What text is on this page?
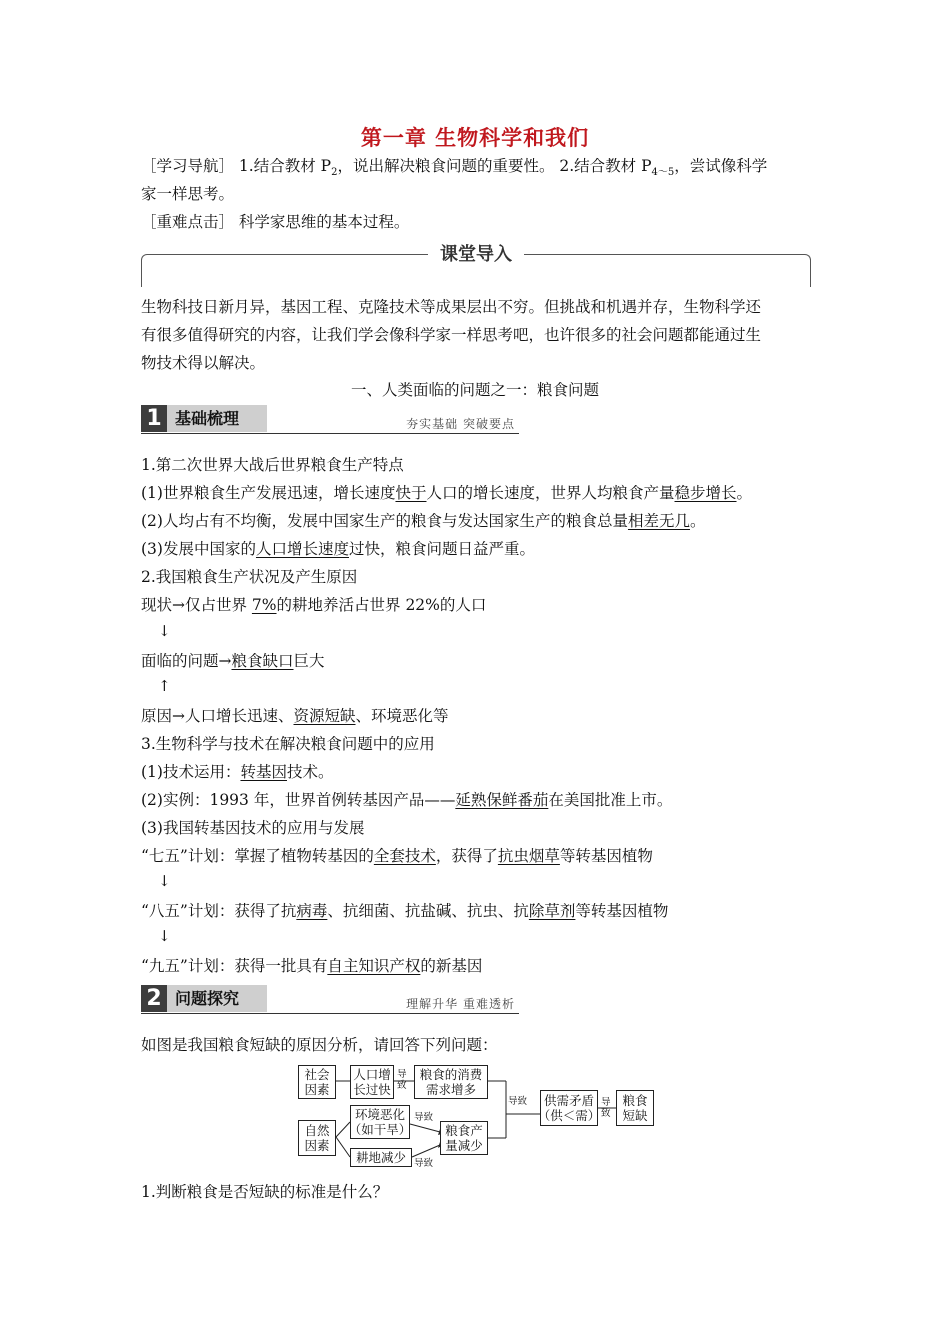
第一章 生物科学和我们
［学习导航］ 1.结合教材 $P_2$，说出解决粮食问题的重要性。 2.结合教材 $P_{4\sim 5}$，尝试像科学
家一样思考。
［重难点击］ 科学家思维的基本过程。
课堂导入
生物科技日新月异，基因工程、克隆技术等成果层出不穷。但挑战和机遇并存，生物科学还
有很多值得研究的内容，让我们学会像科学家一样思考吧，也许很多的社会问题都能通过生
物技术得以解决。
一、人类面临的问题之一：粮食问题
1 基础梳理	夯实基础 突破要点
1.第二次世界大战后世界粮食生产特点
(1)世界粮食生产发展迅速，增长速度快于人口的增长速度，世界人均粮食产量稳步增长。
(2)人均占有不均衡，发展中国家生产的粮食与发达国家生产的粮食总量相差无几。
(3)发展中国家的人口增长速度过快，粮食问题日益严重。
2.我国粮食生产状况及产生原因
现状→仅占世界 7%的耕地养活占世界 22%的人口
↓
面临的问题→粮食缺口巨大
↑
原因→人口增长迅速、资源短缺、环境恶化等
3.生物科学与技术在解决粮食问题中的应用
(1)技术运用：转基因技术。
(2)实例：1993 年，世界首例转基因产品——延熟保鲜番茄在美国批准上市。
(3)我国转基因技术的应用与发展
“七五”计划：掌握了植物转基因的全套技术，获得了抗虫烟草等转基因植物
↓
“八五”计划：获得了抗病毒、抗细菌、抗盐碱、抗虫、抗除草剂等转基因植物
↓
“九五”计划：获得一批具有自主知识产权的新基因
2 问题探究	理解升华 重难透析
如图是我国粮食短缺的原因分析，请回答下列问题：
社会
因素
人口增
长过快
导
致
粮食的消费
需求增多
导致	供需矛盾
（供＜需）
导
致
粮食
短缺
自然
因素
环境恶化
（如干旱）
导致
耕地减少 导致
粮食产
量减少
1.判断粮食是否短缺的标准是什么？
